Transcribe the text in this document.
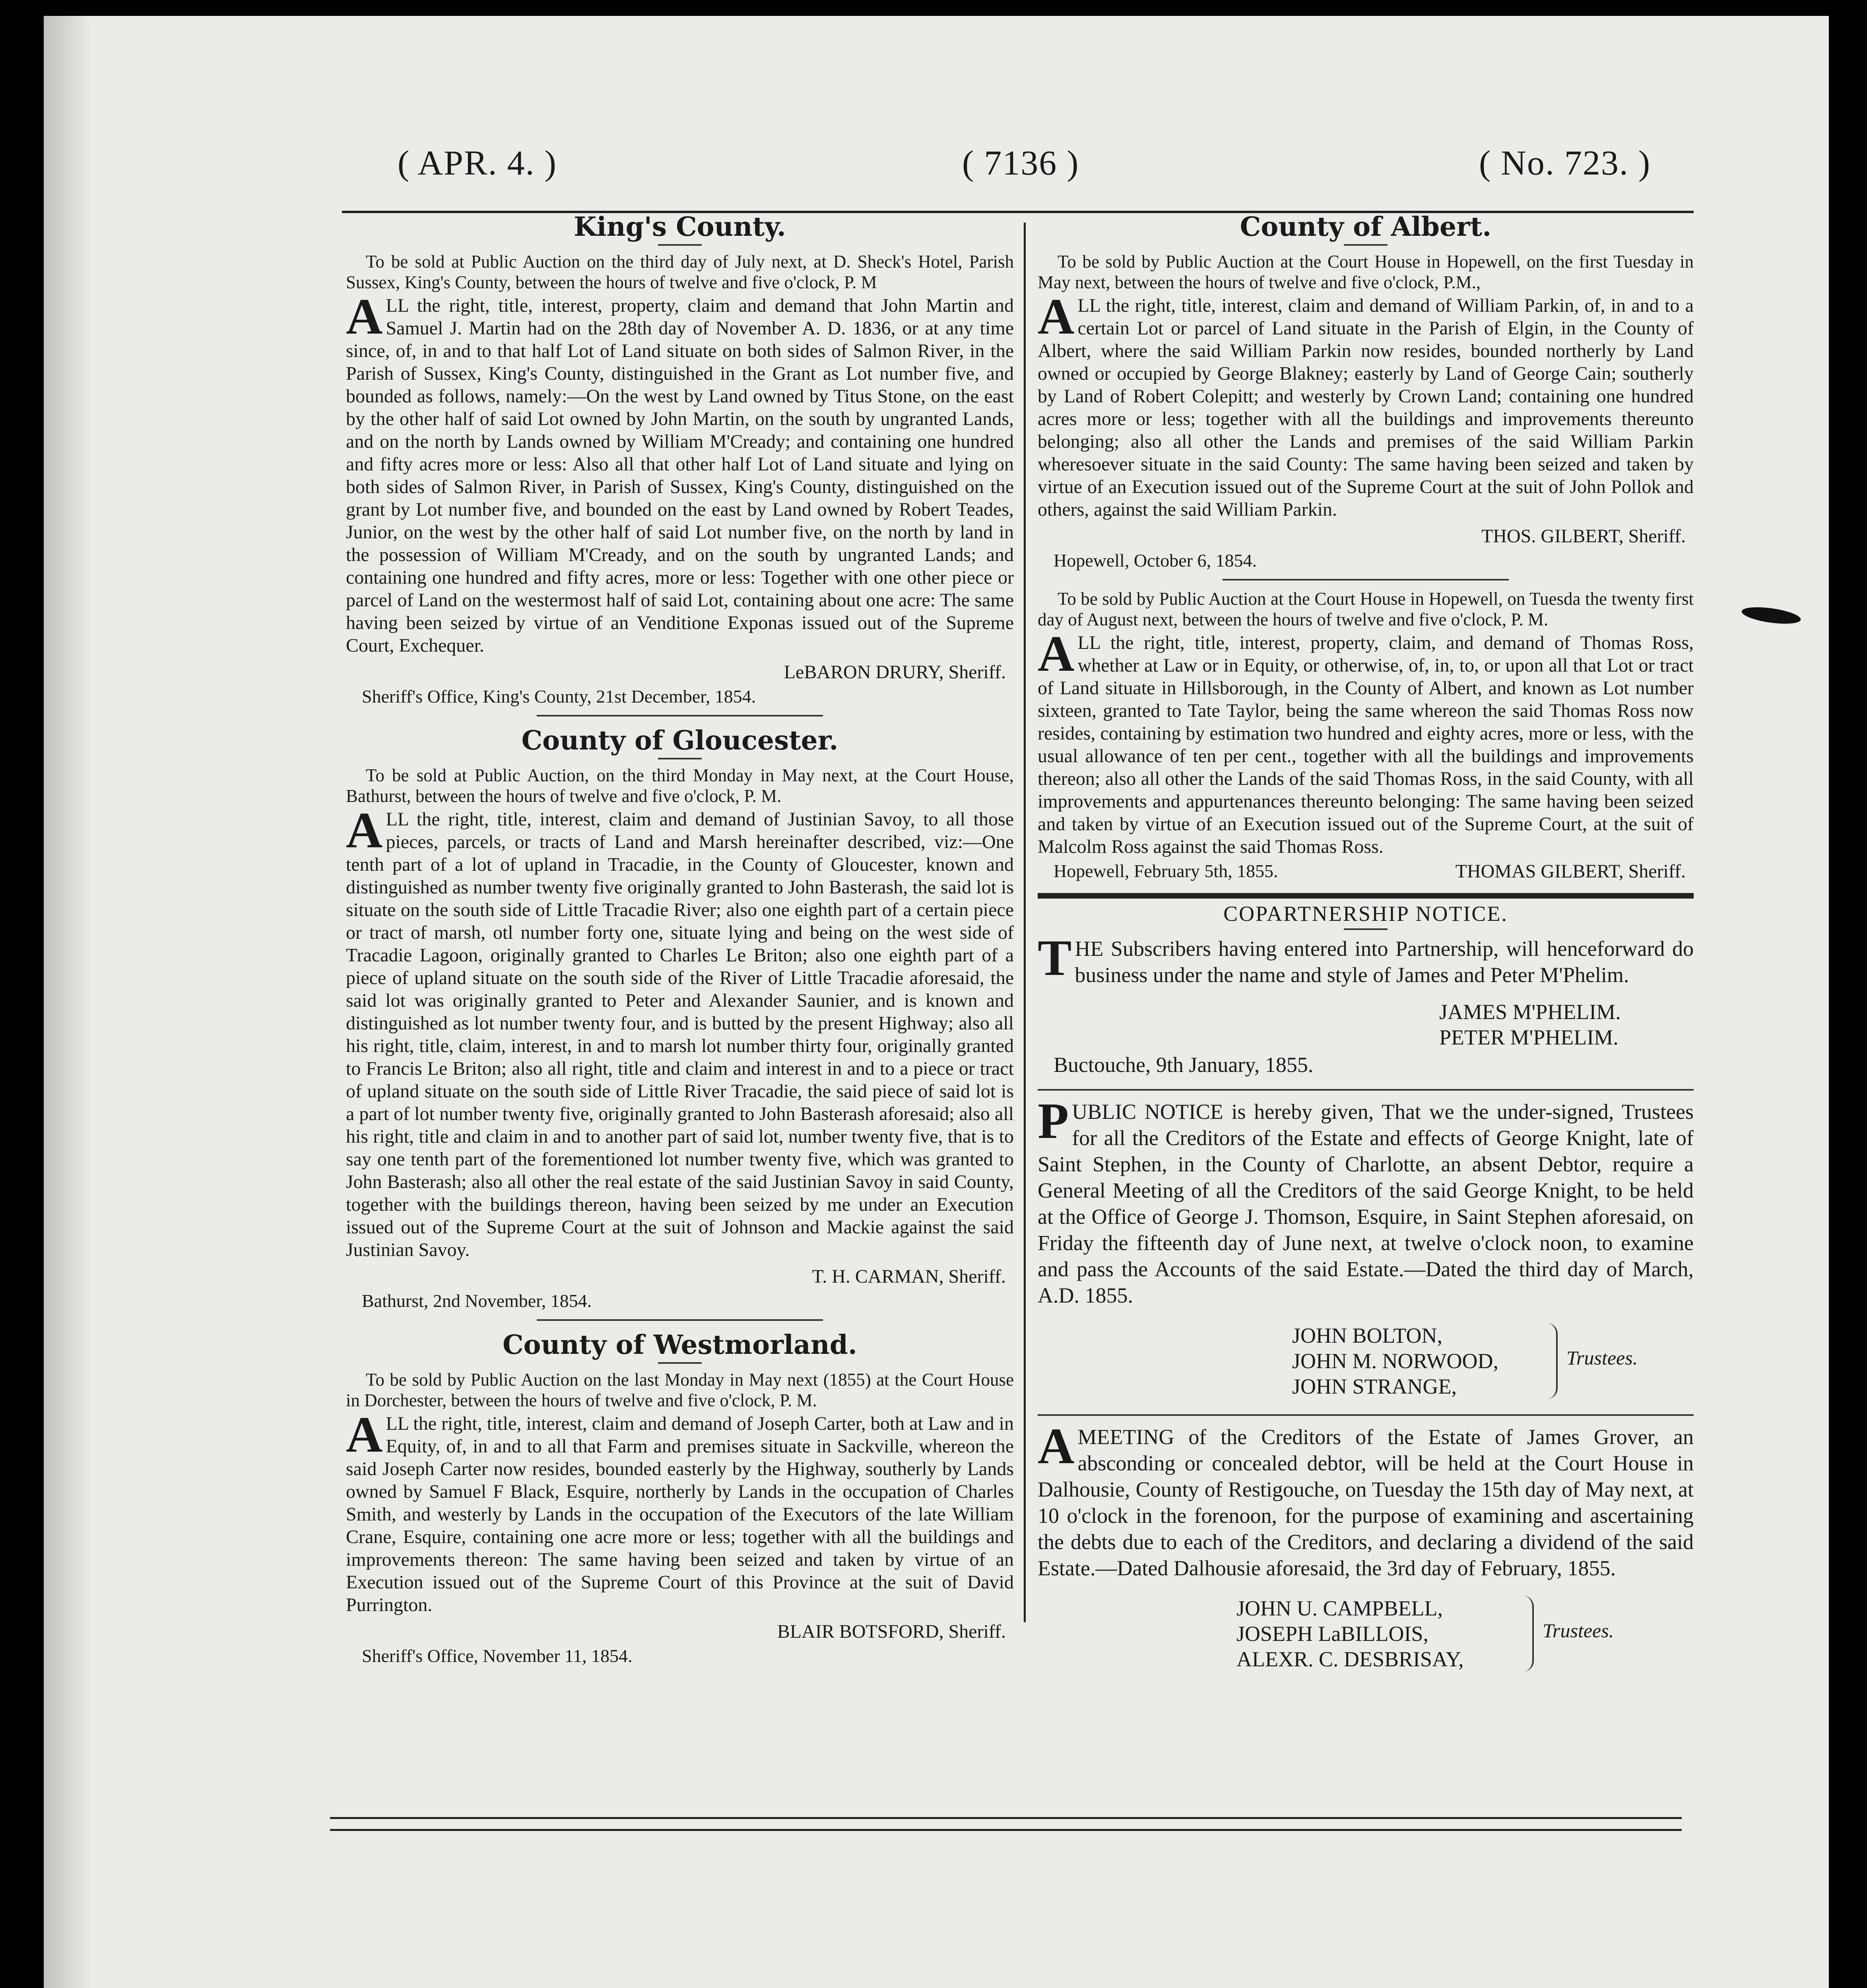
( APR. 4. )	( 7136 )	( No. 723. )
King's County.

To be sold at Public Auction on the third day of July next, at D. Sheck's Hotel, Parish Sussex, King's County, between the hours of twelve and five o'clock, P. M

ALL the right, title, interest, property, claim and demand that John Martin and Samuel J. Martin had on the 28th day of November A. D. 1836, or at any time since, of, in and to that half Lot of Land situate on both sides of Salmon River, in the Parish of Sussex, King's County, distinguished in the Grant as Lot number five, and bounded as follows, namely:—On the west by Land owned by Titus Stone, on the east by the other half of said Lot owned by John Martin, on the south by ungranted Lands, and on the north by Lands owned by William M'Cready; and containing one hundred and fifty acres more or less: Also all that other half Lot of Land situate and lying on both sides of Salmon River, in Parish of Sussex, King's County, distinguished on the grant by Lot number five, and bounded on the east by Land owned by Robert Teades, Junior, on the west by the other half of said Lot number five, on the north by land in the possession of William M'Cready, and on the south by ungranted Lands; and containing one hundred and fifty acres, more or less: Together with one other piece or parcel of Land on the westermost half of said Lot, containing about one acre: The same having been seized by virtue of an Venditione Exponas issued out of the Supreme Court, Exchequer.

LeBARON DRURY, Sheriff.
Sheriff's Office, King's County, 21st December, 1854.
County of Gloucester.

To be sold at Public Auction, on the third Monday in May next, at the Court House, Bathurst, between the hours of twelve and five o'clock, P. M.

ALL the right, title, interest, claim and demand of Justinian Savoy, to all those pieces, parcels, or tracts of Land and Marsh hereinafter described, viz:—One tenth part of a lot of upland in Tracadie, in the County of Gloucester, known and distinguished as number twenty five originally granted to John Basterash, the said lot is situate on the south side of Little Tracadie River; also one eighth part of a certain piece or tract of marsh, otl number forty one, situate lying and being on the west side of Tracadie Lagoon, originally granted to Charles Le Briton; also one eighth part of a piece of upland situate on the south side of the River of Little Tracadie aforesaid, the said lot was originally granted to Peter and Alexander Saunier, and is known and distinguished as lot number twenty four, and is butted by the present Highway; also all his right, title, claim, interest, in and to marsh lot number thirty four, originally granted to Francis Le Briton; also all right, title and claim and interest in and to a piece or tract of upland situate on the south side of Little River Tracadie, the said piece of said lot is a part of lot number twenty five, originally granted to John Basterash aforesaid; also all his right, title and claim in and to another part of said lot, number twenty five, that is to say one tenth part of the forementioned lot number twenty five, which was granted to John Basterash; also all other the real estate of the said Justinian Savoy in said County, together with the buildings thereon, having been seized by me under an Execution issued out of the Supreme Court at the suit of Johnson and Mackie against the said Justinian Savoy.

T. H. CARMAN, Sheriff.
Bathurst, 2nd November, 1854.
County of Westmorland.

To be sold by Public Auction on the last Monday in May next (1855) at the Court House in Dorchester, between the hours of twelve and five o'clock, P. M.

ALL the right, title, interest, claim and demand of Joseph Carter, both at Law and in Equity, of, in and to all that Farm and premises situate in Sackville, whereon the said Joseph Carter now resides, bounded easterly by the Highway, southerly by Lands owned by Samuel F Black, Esquire, northerly by Lands in the occupation of Charles Smith, and westerly by Lands in the occupation of the Executors of the late William Crane, Esquire, containing one acre more or less; together with all the buildings and improvements thereon: The same having been seized and taken by virtue of an Execution issued out of the Supreme Court of this Province at the suit of David Purrington.

BLAIR BOTSFORD, Sheriff.
Sheriff's Office, November 11, 1854.
County of Albert.

To be sold by Public Auction at the Court House in Hopewell, on the first Tuesday in May next, between the hours of twelve and five o'clock, P.M.,

ALL the right, title, interest, claim and demand of William Parkin, of, in and to a certain Lot or parcel of Land situate in the Parish of Elgin, in the County of Albert, where the said William Parkin now resides, bounded northerly by Land owned or occupied by George Blakney; easterly by Land of George Cain; southerly by Land of Robert Colepitt; and westerly by Crown Land; containing one hundred acres more or less; together with all the buildings and improvements thereunto belonging; also all other the Lands and premises of the said William Parkin wheresoever situate in the said County: The same having been seized and taken by virtue of an Execution issued out of the Supreme Court at the suit of John Pollok and others, against the said William Parkin.

THOS. GILBERT, Sheriff.
Hopewell, October 6, 1854.

To be sold by Public Auction at the Court House in Hopewell, on Tuesda the twenty first day of August next, between the hours of twelve and five o'clock, P. M.

ALL the right, title, interest, property, claim, and demand of Thomas Ross, whether at Law or in Equity, or otherwise, of, in, to, or upon all that Lot or tract of Land situate in Hillsborough, in the County of Albert, and known as Lot number sixteen, granted to Tate Taylor, being the same whereon the said Thomas Ross now resides, containing by estimation two hundred and eighty acres, more or less, with the usual allowance of ten per cent., together with all the buildings and improvements thereon; also all other the Lands of the said Thomas Ross, in the said County, with all improvements and appurtenances thereunto belonging: The same having been seized and taken by virtue of an Execution issued out of the Supreme Court, at the suit of Malcolm Ross against the said Thomas Ross.

Hopewell, February 5th, 1855.	THOMAS GILBERT, Sheriff.
COPARTNERSHIP NOTICE.

THE Subscribers having entered into Partnership, will henceforward do business under the name and style of James and Peter M'Phelim.

JAMES M'PHELIM.
PETER M'PHELIM.
Buctouche, 9th January, 1855.

PUBLIC NOTICE is hereby given, That we the under-signed, Trustees for all the Creditors of the Estate and effects of George Knight, late of Saint Stephen, in the County of Charlotte, an absent Debtor, require a General Meeting of all the Creditors of the said George Knight, to be held at the Office of George J. Thomson, Esquire, in Saint Stephen aforesaid, on Friday the fifteenth day of June next, at twelve o'clock noon, to examine and pass the Accounts of the said Estate.—Dated the third day of March, A.D. 1855.

JOHN BOLTON,
JOHN M. NORWOOD,
JOHN STRANGE,
Trustees.

AMEETING of the Creditors of the Estate of James Grover, an absconding or concealed debtor, will be held at the Court House in Dalhousie, County of Restigouche, on Tuesday the 15th day of May next, at 10 o'clock in the forenoon, for the purpose of examining and ascertaining the debts due to each of the Creditors, and declaring a dividend of the said Estate.—Dated Dalhousie aforesaid, the 3rd day of February, 1855.

JOHN U. CAMPBELL,
JOSEPH LaBILLOIS,
ALEXR. C. DESBRISAY,
Trustees.
